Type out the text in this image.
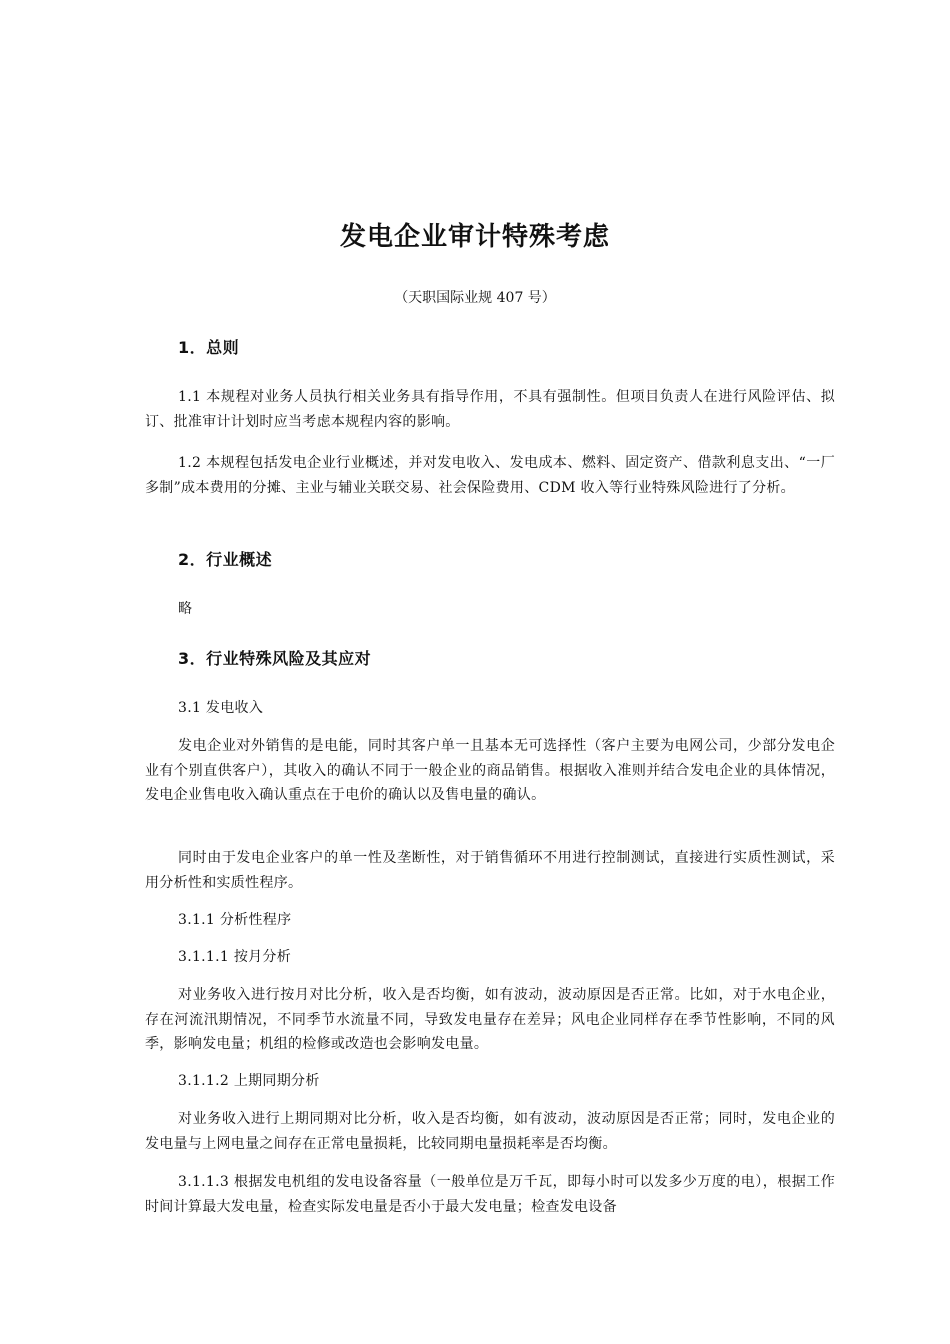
发电企业审计特殊考虑
（天职国际业规 407 号）
1．总则

1.1 本规程对业务人员执行相关业务具有指导作用，不具有强制性。但项目负责人在进行风险评估、拟订、批准审计计划时应当考虑本规程内容的影响。

1.2 本规程包括发电企业行业概述，并对发电收入、发电成本、燃料、固定资产、借款利息支出、“一厂多制”成本费用的分摊、主业与辅业关联交易、社会保险费用、CDM 收入等行业特殊风险进行了分析。

2．行业概述
略
3．行业特殊风险及其应对
3.1 发电收入

发电企业对外销售的是电能，同时其客户单一且基本无可选择性（客户主要为电网公司，少部分发电企业有个别直供客户），其收入的确认不同于一般企业的商品销售。根据收入准则并结合发电企业的具体情况，发电企业售电收入确认重点在于电价的确认以及售电量的确认。

同时由于发电企业客户的单一性及垄断性，对于销售循环不用进行控制测试，直接进行实质性测试，采用分析性和实质性程序。

3.1.1 分析性程序
3.1.1.1 按月分析

对业务收入进行按月对比分析，收入是否均衡，如有波动，波动原因是否正常。比如，对于水电企业，存在河流汛期情况，不同季节水流量不同，导致发电量存在差异；风电企业同样存在季节性影响，不同的风季，影响发电量；机组的检修或改造也会影响发电量。

3.1.1.2 上期同期分析

对业务收入进行上期同期对比分析，收入是否均衡，如有波动，波动原因是否正常；同时，发电企业的发电量与上网电量之间存在正常电量损耗，比较同期电量损耗率是否均衡。

3.1.1.3 根据发电机组的发电设备容量（一般单位是万千瓦，即每小时可以发多少万度的电），根据工作时间计算最大发电量，检查实际发电量是否小于最大发电量；检查发电设备
